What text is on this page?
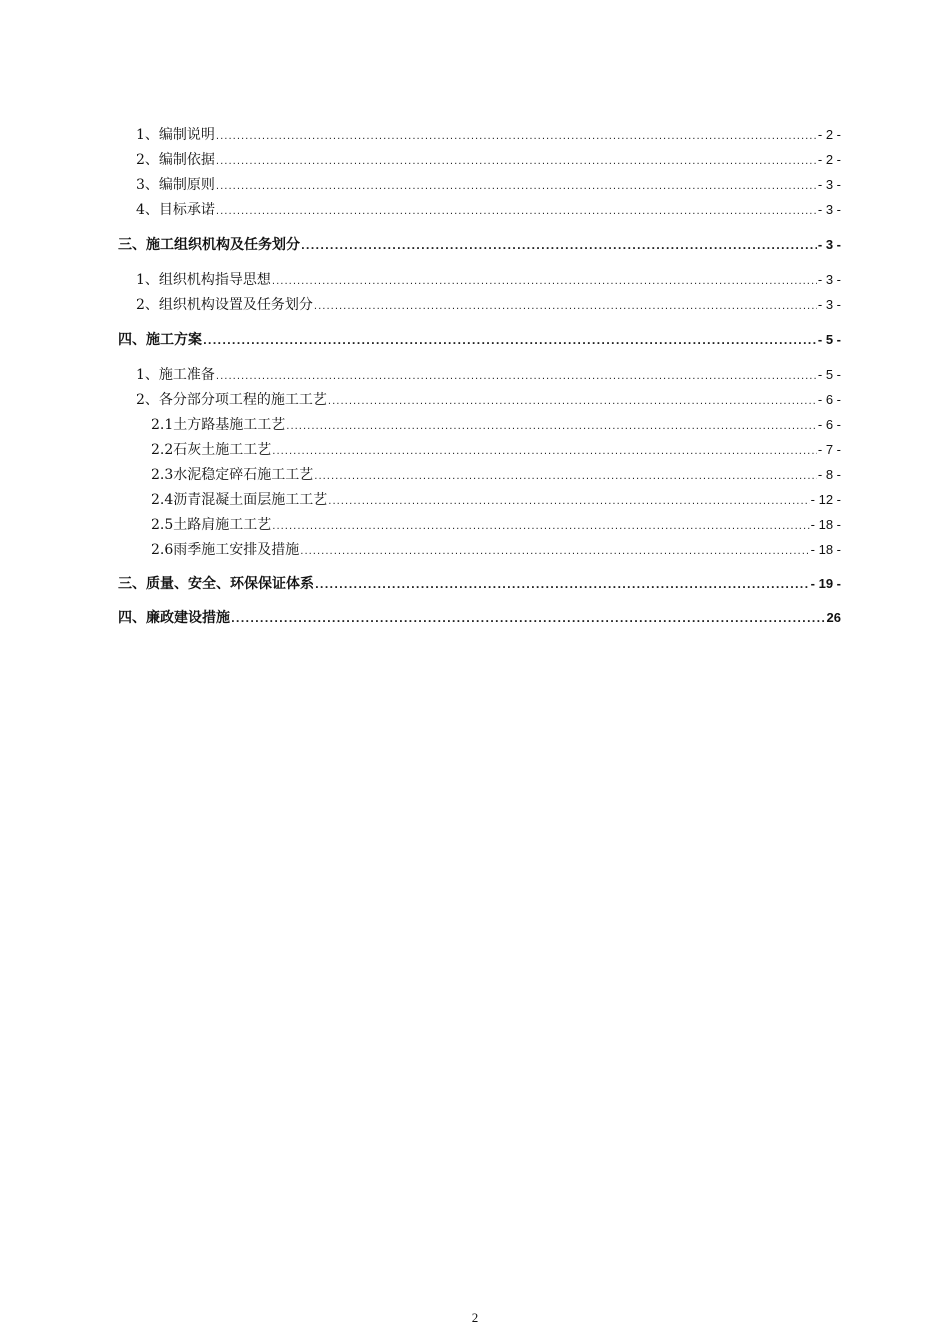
1、编制说明 .....	- 2 -
2、编制依据 .....	- 2 -
3、编制原则 .....	- 3 -
4、目标承诺 .....	- 3 -
三、施工组织机构及任务划分 .....	- 3 -
1、组织机构指导思想 .....	- 3 -
2、组织机构设置及任务划分 .....	- 3 -
四、施工方案 .....	- 5 -
1、施工准备 .....	- 5 -
2、各分部分项工程的施工工艺 .....	- 6 -
2.1土方路基施工工艺 .....	- 6 -
2.2石灰土施工工艺 .....	- 7 -
2.3水泥稳定碎石施工工艺 .....	- 8 -
2.4沥青混凝土面层施工工艺 .....	- 12 -
2.5土路肩施工工艺 .....	- 18 -
2.6雨季施工安排及措施 .....	- 18 -
三、质量、安全、环保保证体系 .....	- 19 -
四、廉政建设措施 .....	26
2
